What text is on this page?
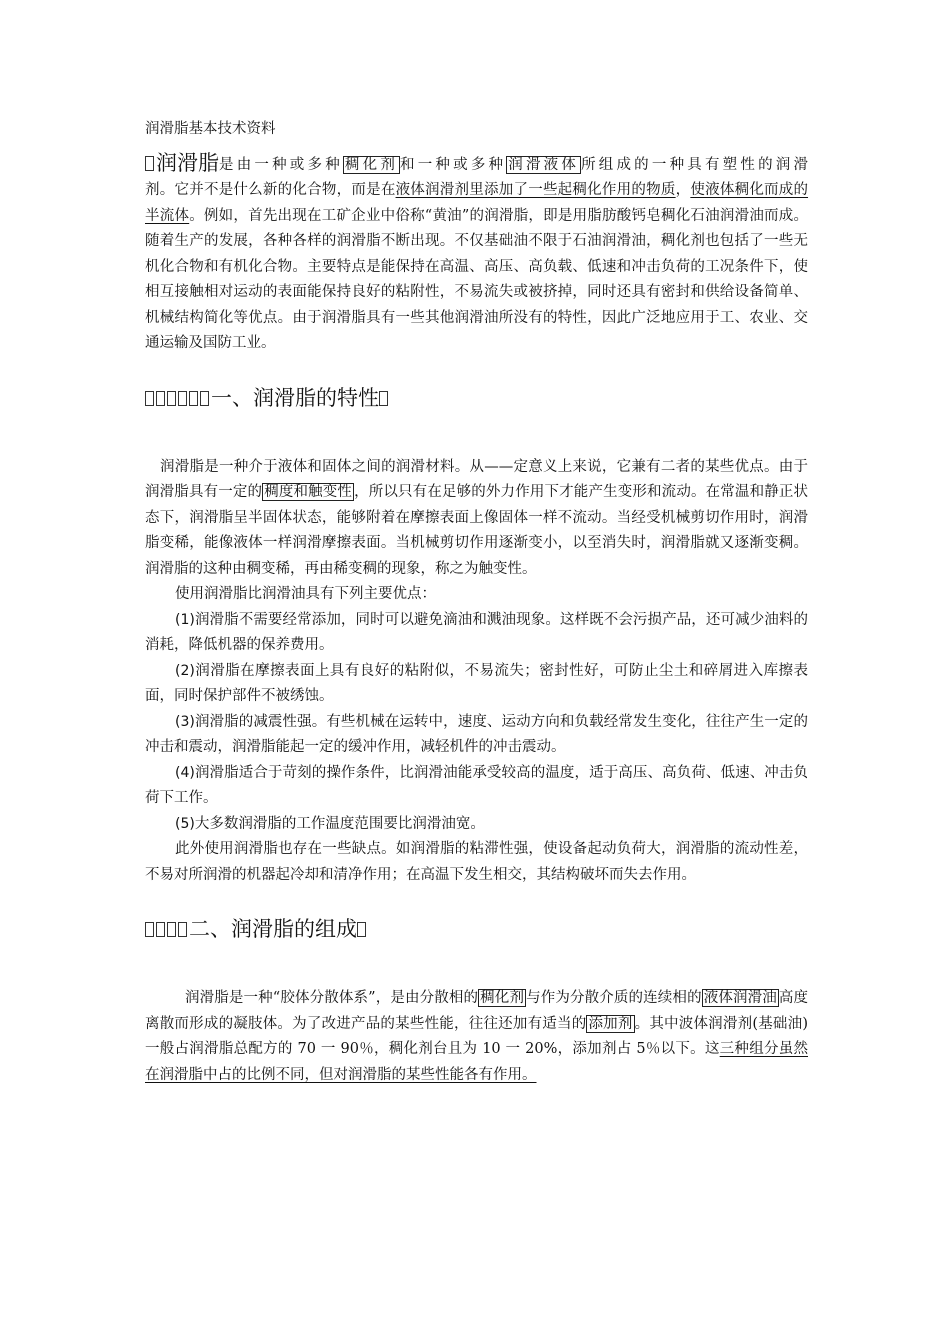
润滑脂基本技术资料
润滑脂 是由一种或多种 稠化剂 和一种或多种 润滑液体 所组成的一种具有塑性的润滑

剂。它并不是什么新的化合物，而是在液体润滑剂里添加了一些起稠化作用的物质，使液体稠化而成的半流体。例如，首先出现在工矿企业中俗称“黄油”的润滑脂，即是用脂肪酸钙皂稠化石油润滑油而成。随着生产的发展，各种各样的润滑脂不断出现。不仅基础油不限于石油润滑油，稠化剂也包括了一些无机化合物和有机化合物。主要特点是能保持在高温、高压、高负载、低速和冲击负荷的工况条件下，使相互接触相对运动的表面能保持良好的粘附性，不易流失或被挤掉，同时还具有密封和供给设备简单、机械结构简化等优点。由于润滑脂具有一些其他润滑油所没有的特性，因此广泛地应用于工、农业、交通运输及国防工业。

一、润滑脂的特性

润滑脂是一种介于液体和固体之间的润滑材料。从——定意义上来说，它兼有二者的某些优点。由于润滑脂具有一定的 稠度和触变性 ，所以只有在足够的外力作用下才能产生变形和流动。在常温和静正状态下，润滑脂呈半固体状态，能够附着在摩擦表面上像固体一样不流动。当经受机械剪切作用时，润滑脂变稀，能像液体一样润滑摩擦表面。当机械剪切作用逐渐变小，以至消失时，润滑脂就又逐渐变稠。润滑脂的这种由稠变稀，再由稀变稠的现象，称之为触变性。

使用润滑脂比润滑油具有下列主要优点：

(1)润滑脂不需要经常添加，同时可以避免滴油和溅油现象。这样既不会污损产品，还可减少油料的消耗，降低机器的保养费用。

(2)润滑脂在摩擦表面上具有良好的粘附似，不易流失；密封性好，可防止尘土和碎屑进入库擦表面，同时保护部件不被绣蚀。

(3)润滑脂的减震性强。有些机械在运转中，速度、运动方向和负载经常发生变化，往往产生一定的冲击和震动，润滑脂能起一定的缓冲作用，减轻机件的冲击震动。

(4)润滑脂适合于苛刻的操作条件，比润滑油能承受较高的温度，适于高压、高负荷、低速、冲击负荷下工作。

(5)大多数润滑脂的工作温度范围要比润滑油宽。

此外使用润滑脂也存在一些缺点。如润滑脂的粘滞性强，使设备起动负荷大，润滑脂的流动性差，不易对所润滑的机器起冷却和清净作用；在高温下发生相交，其结构破坏而失去作用。

二、润滑脂的组成

润滑脂是一种“胶体分散体系”，是由分散相的 稠化剂 与作为分散介质的连续相的 液体润滑油 高度离散而形成的凝肢体。为了改进产品的某些性能，往往还加有适当的 添加剂 。其中波体润滑剂(基础油)一般占润滑脂总配方的 70 一 90％，稠化剂台且为 10 一 20%，添加剂占 5％以下。这三种组分虽然在润滑脂中占的比例不同，但对润滑脂的某些性能各有作用。
